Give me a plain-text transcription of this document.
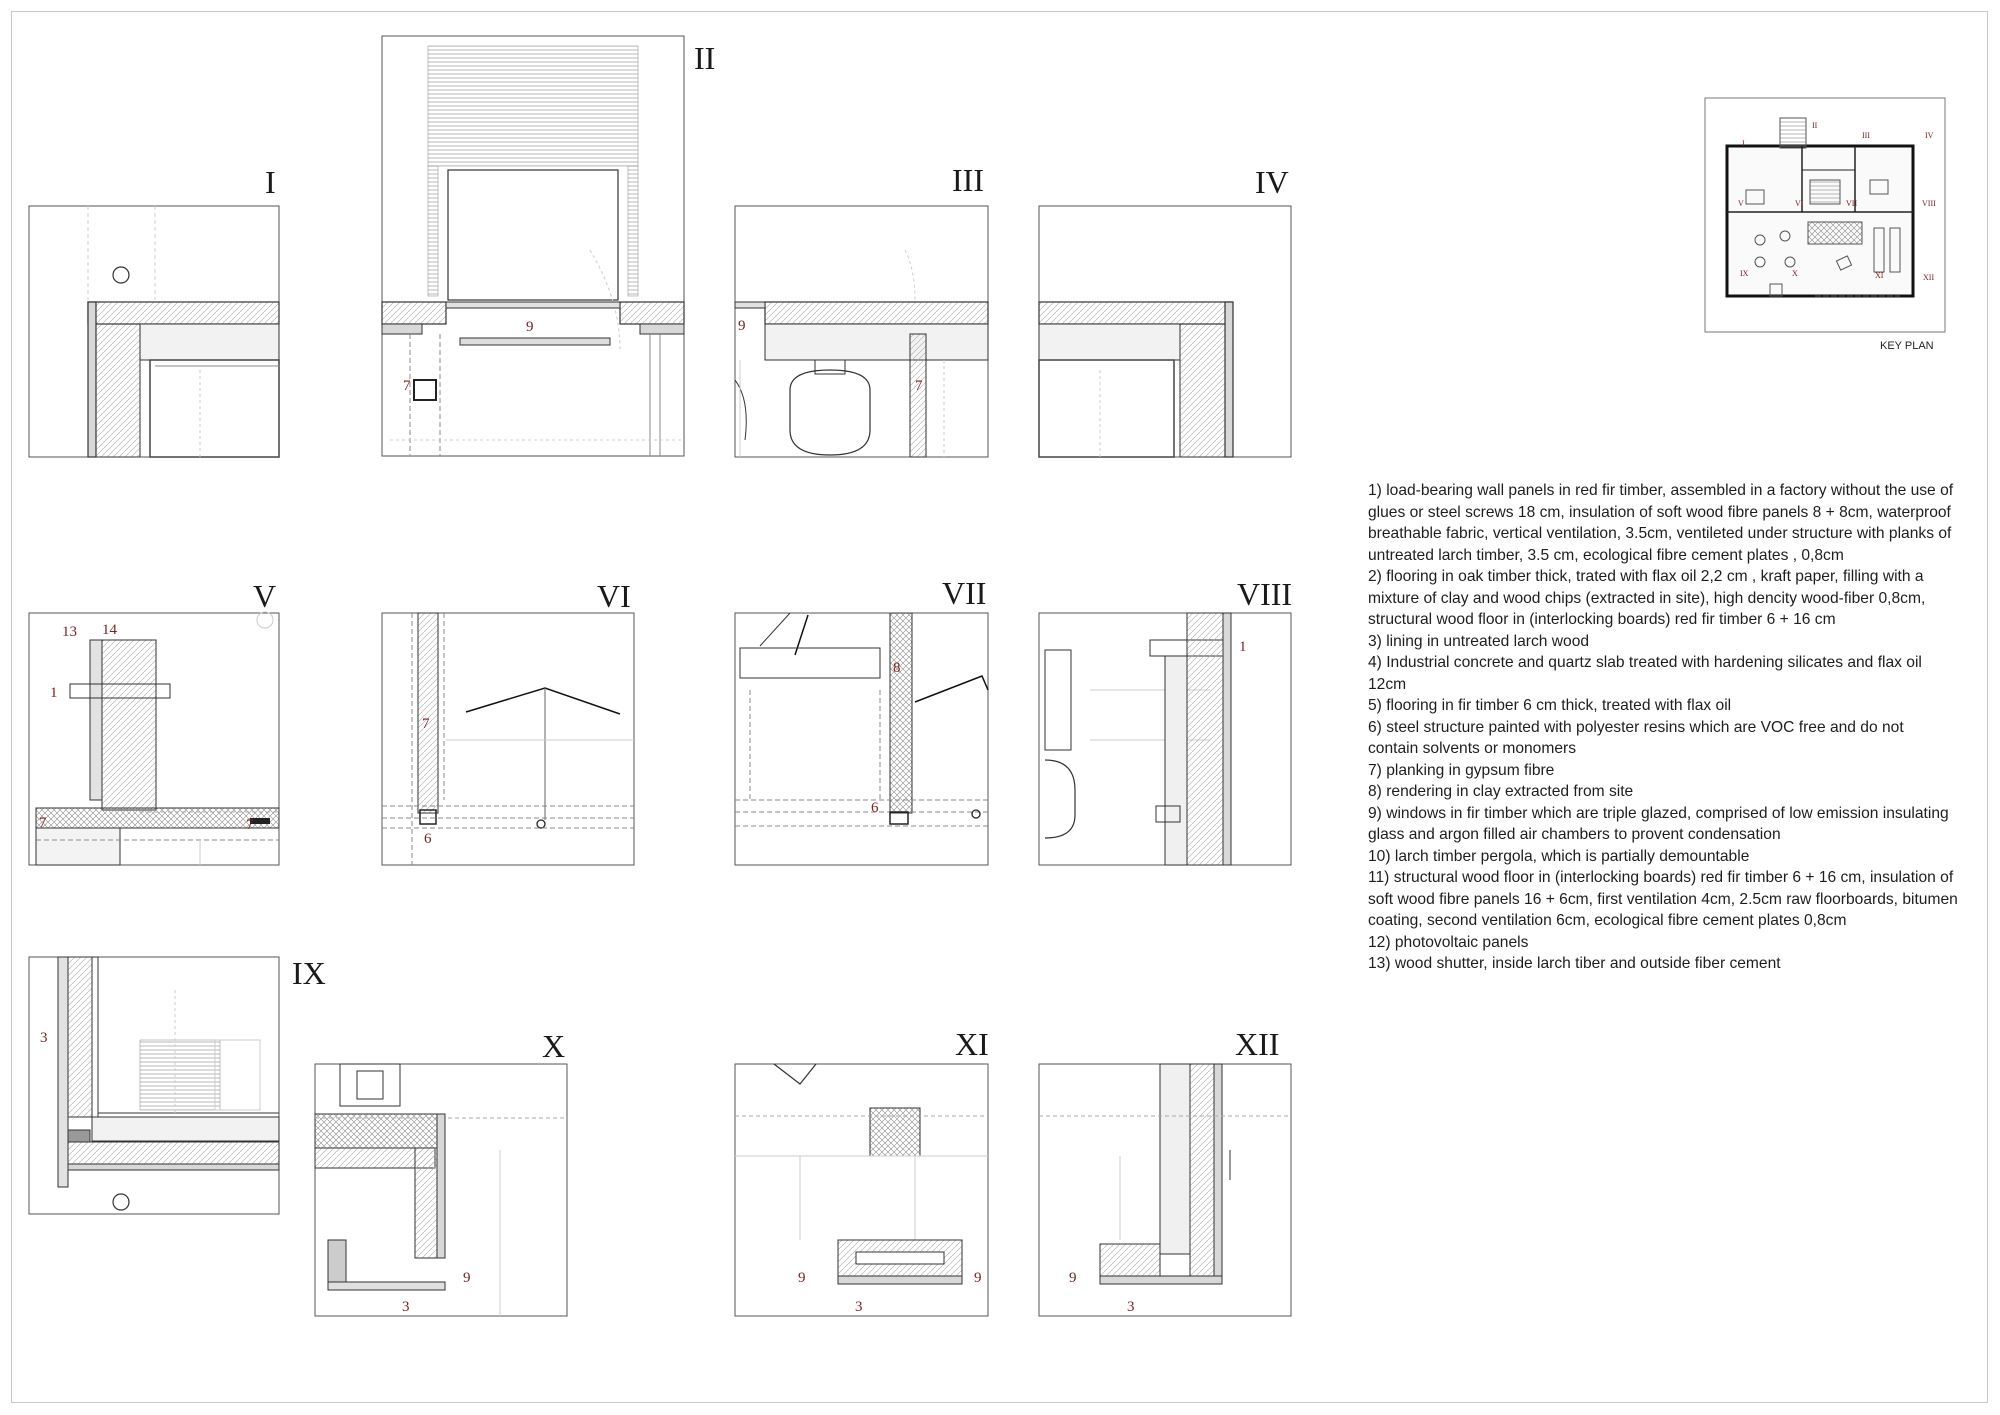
9
7
9
7
13 14
1
7	7
7
6
8
6
1
3
9
3
9	9
3
9
3
I
II
III	IV
V	VI	VII	VIII
IX	X	XI	XII
I
II
III	IV
V	VI	VII	VIII
IX
X	XI	XII
KEY PLAN
1) load-bearing wall panels in red fir timber, assembled in a factory without the use of glues or steel screws 18 cm, insulation of soft wood fibre panels 8 + 8cm, waterproof breathable fabric, vertical ventilation, 3.5cm, ventileted under structure with planks of untreated larch timber, 3.5 cm, ecological fibre cement plates , 0,8cm
2) flooring in oak timber thick, trated with flax oil 2,2 cm , kraft paper, filling with a mixture of clay and wood chips (extracted in site), high dencity wood-fiber 0,8cm, structural wood floor in (interlocking boards) red fir timber 6 + 16 cm
3) lining in untreated larch wood
4) Industrial concrete and quartz slab treated with hardening silicates and flax oil 12cm
5) flooring in fir timber 6 cm thick, treated with flax oil
6) steel structure painted with polyester resins which are VOC free and do not contain solvents or monomers
7) planking in gypsum fibre
8) rendering in clay extracted from site
9) windows in fir timber which are triple glazed, comprised of low emission insulating glass and argon filled air chambers to provent condensation
10) larch timber pergola, which is partially demountable
11) structural wood floor in (interlocking boards) red fir timber 6 + 16 cm, insulation of soft wood fibre panels 16 + 6cm, first ventilation 4cm, 2.5cm raw floorboards, bitumen coating, second ventilation 6cm, ecological fibre cement plates 0,8cm
12) photovoltaic panels
13) wood shutter, inside larch tiber and outside fiber cement
